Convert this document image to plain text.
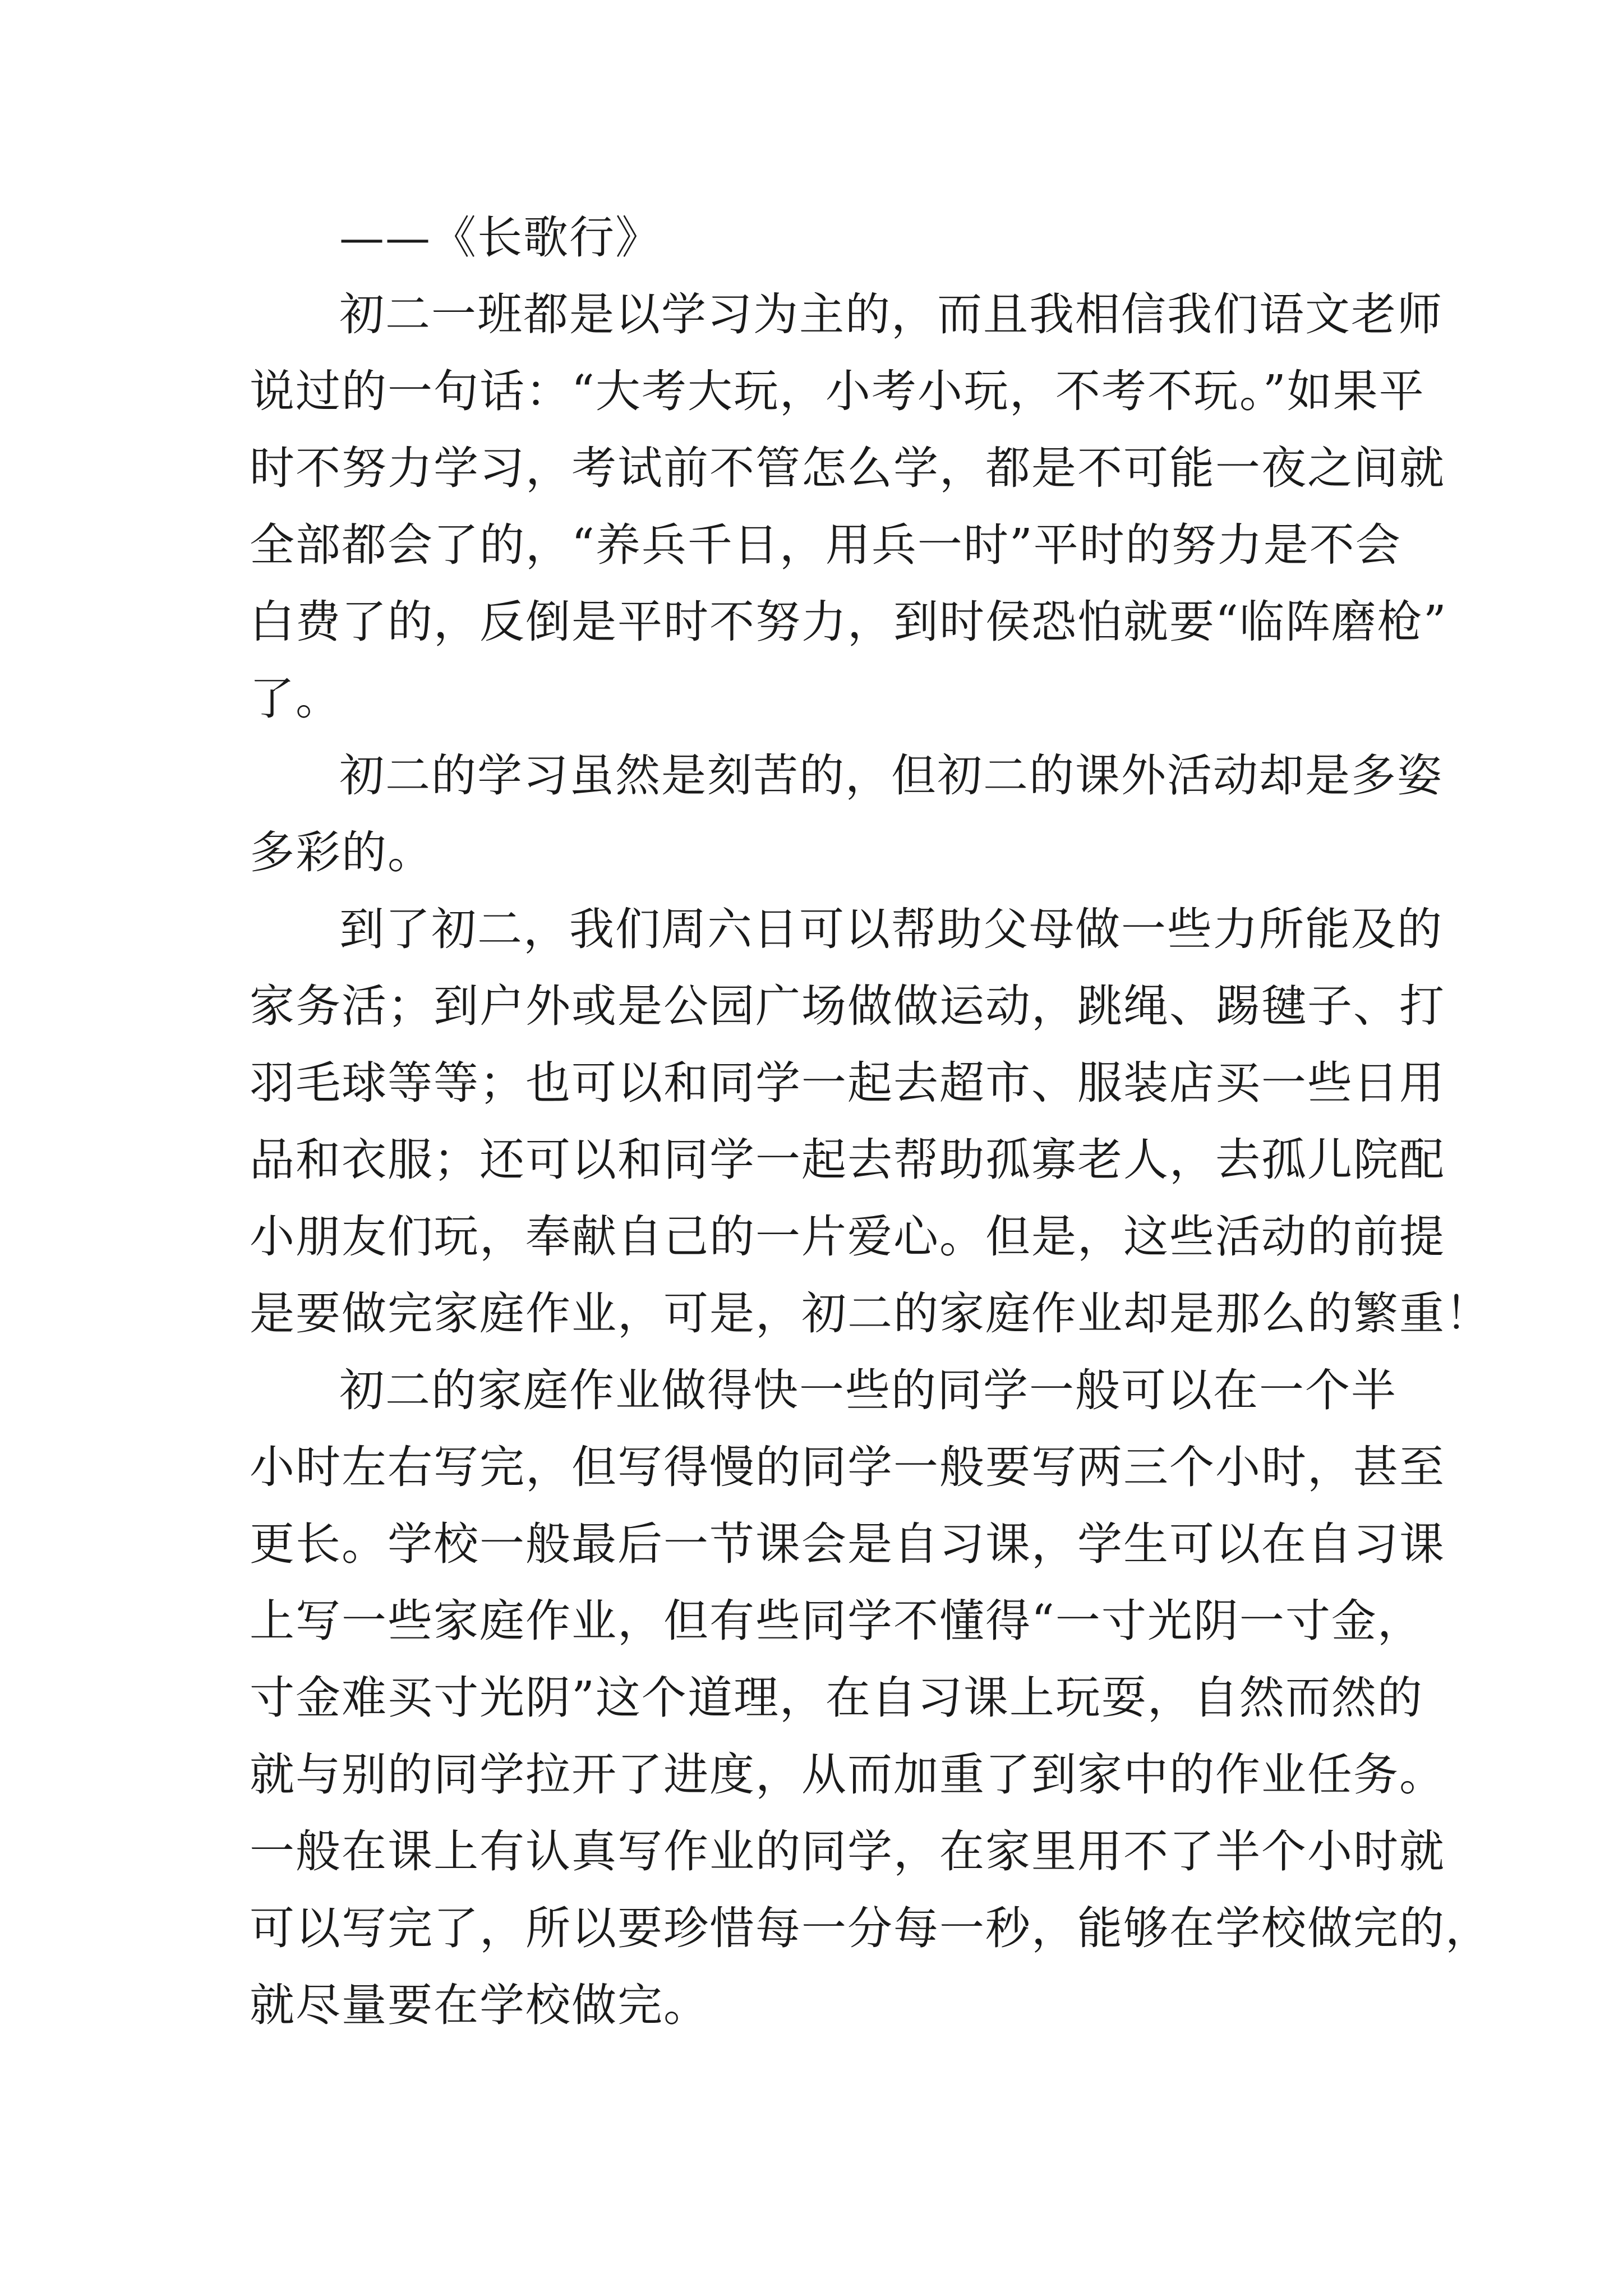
——《长歌行》
初二一班都是以学习为主的，而且我相信我们语文老师
说过的一句话：“大考大玩，小考小玩，不考不玩。”如果平
时不努力学习，考试前不管怎么学，都是不可能一夜之间就
全部都会了的，“养兵千日，用兵一时”平时的努力是不会
白费了的，反倒是平时不努力，到时侯恐怕就要“临阵磨枪”
了。
初二的学习虽然是刻苦的，但初二的课外活动却是多姿
多彩的。
到了初二，我们周六日可以帮助父母做一些力所能及的
家务活；到户外或是公园广场做做运动，跳绳、踢毽子、打
羽毛球等等；也可以和同学一起去超市、服装店买一些日用
品和衣服；还可以和同学一起去帮助孤寡老人，去孤儿院配
小朋友们玩，奉献自己的一片爱心。但是，这些活动的前提
是要做完家庭作业，可是，初二的家庭作业却是那么的繁重！
初二的家庭作业做得快一些的同学一般可以在一个半
小时左右写完，但写得慢的同学一般要写两三个小时，甚至
更长。学校一般最后一节课会是自习课，学生可以在自习课
上写一些家庭作业，但有些同学不懂得“一寸光阴一寸金，
寸金难买寸光阴”这个道理，在自习课上玩耍，自然而然的
就与别的同学拉开了进度，从而加重了到家中的作业任务。
一般在课上有认真写作业的同学，在家里用不了半个小时就
可以写完了，所以要珍惜每一分每一秒，能够在学校做完的，
就尽量要在学校做完。
